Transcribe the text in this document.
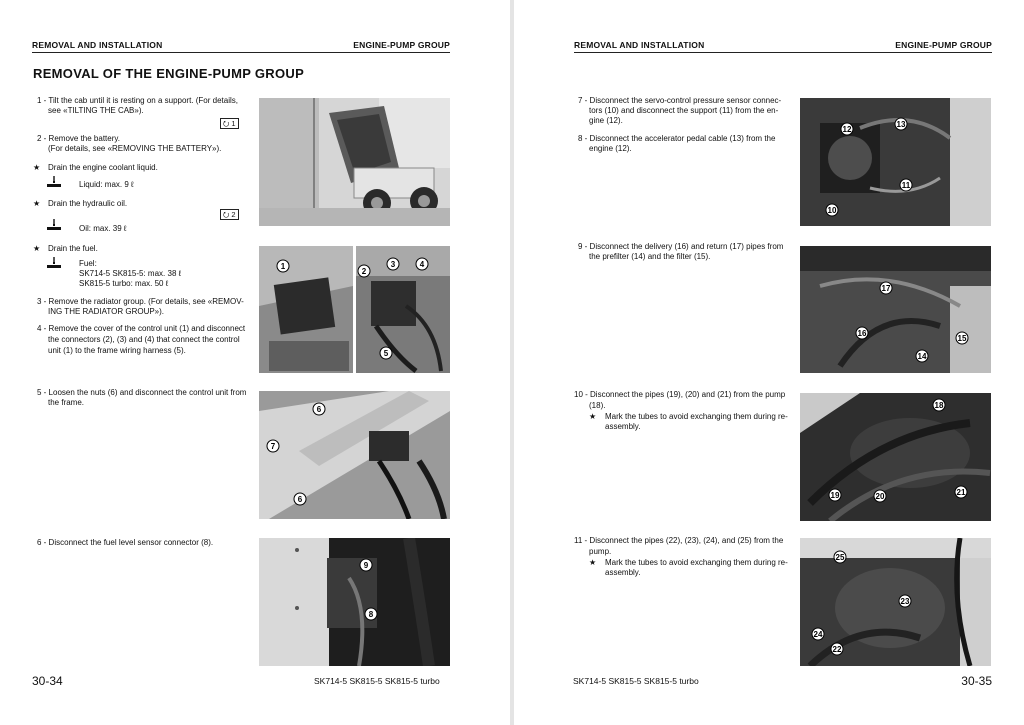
REMOVAL AND INSTALLATION	ENGINE-PUMP GROUP
REMOVAL OF THE ENGINE-PUMP GROUP
1 - Tilt the cab until it is resting on a support. (For details,
see «TILTING THE CAB»).
⭮ 1
2 - Remove the battery.
(For details, see «REMOVING THE BATTERY»).
★ Drain the engine coolant liquid.
Liquid: max. 9 ℓ
★ Drain the hydraulic oil.
⭮ 2
Oil: max. 39 ℓ
★ Drain the fuel.
Fuel:
SK714-5 SK815-5: max. 38 ℓ
SK815-5 turbo: max. 50 ℓ
3 - Remove the radiator group. (For details, see «REMOV-
ING THE RADIATOR GROUP»).
4 - Remove the cover of the control unit (1) and disconnect
the connectors (2), (3) and (4) that connect the control
unit (1) to the frame wiring harness (5).
5 - Loosen the nuts (6) and disconnect the control unit from
the frame.
6 - Disconnect the fuel level sensor connector (8).
1
2
3	4
5
6
7
6
9
8
30-34	SK714-5 SK815-5 SK815-5 turbo
REMOVAL AND INSTALLATION	ENGINE-PUMP GROUP
7 - Disconnect the servo-control pressure sensor connec-
tors (10) and disconnect the support (11) from the en-
gine (12).
8 - Disconnect the accelerator pedal cable (13) from the
engine (12).
9 - Disconnect the delivery (16) and return (17) pipes from
the prefilter (14) and the filter (15).
10 - Disconnect the pipes (19), (20) and (21) from the pump
(18).
★ Mark the tubes to avoid exchanging them during re-
assembly.
11 - Disconnect the pipes (22), (23), (24), and (25) from the
pump.
★ Mark the tubes to avoid exchanging them during re-
assembly.
12
13
11
10
17
16
14
15
18
21
19	20
25
23
24
22
SK714-5 SK815-5 SK815-5 turbo	30-35
